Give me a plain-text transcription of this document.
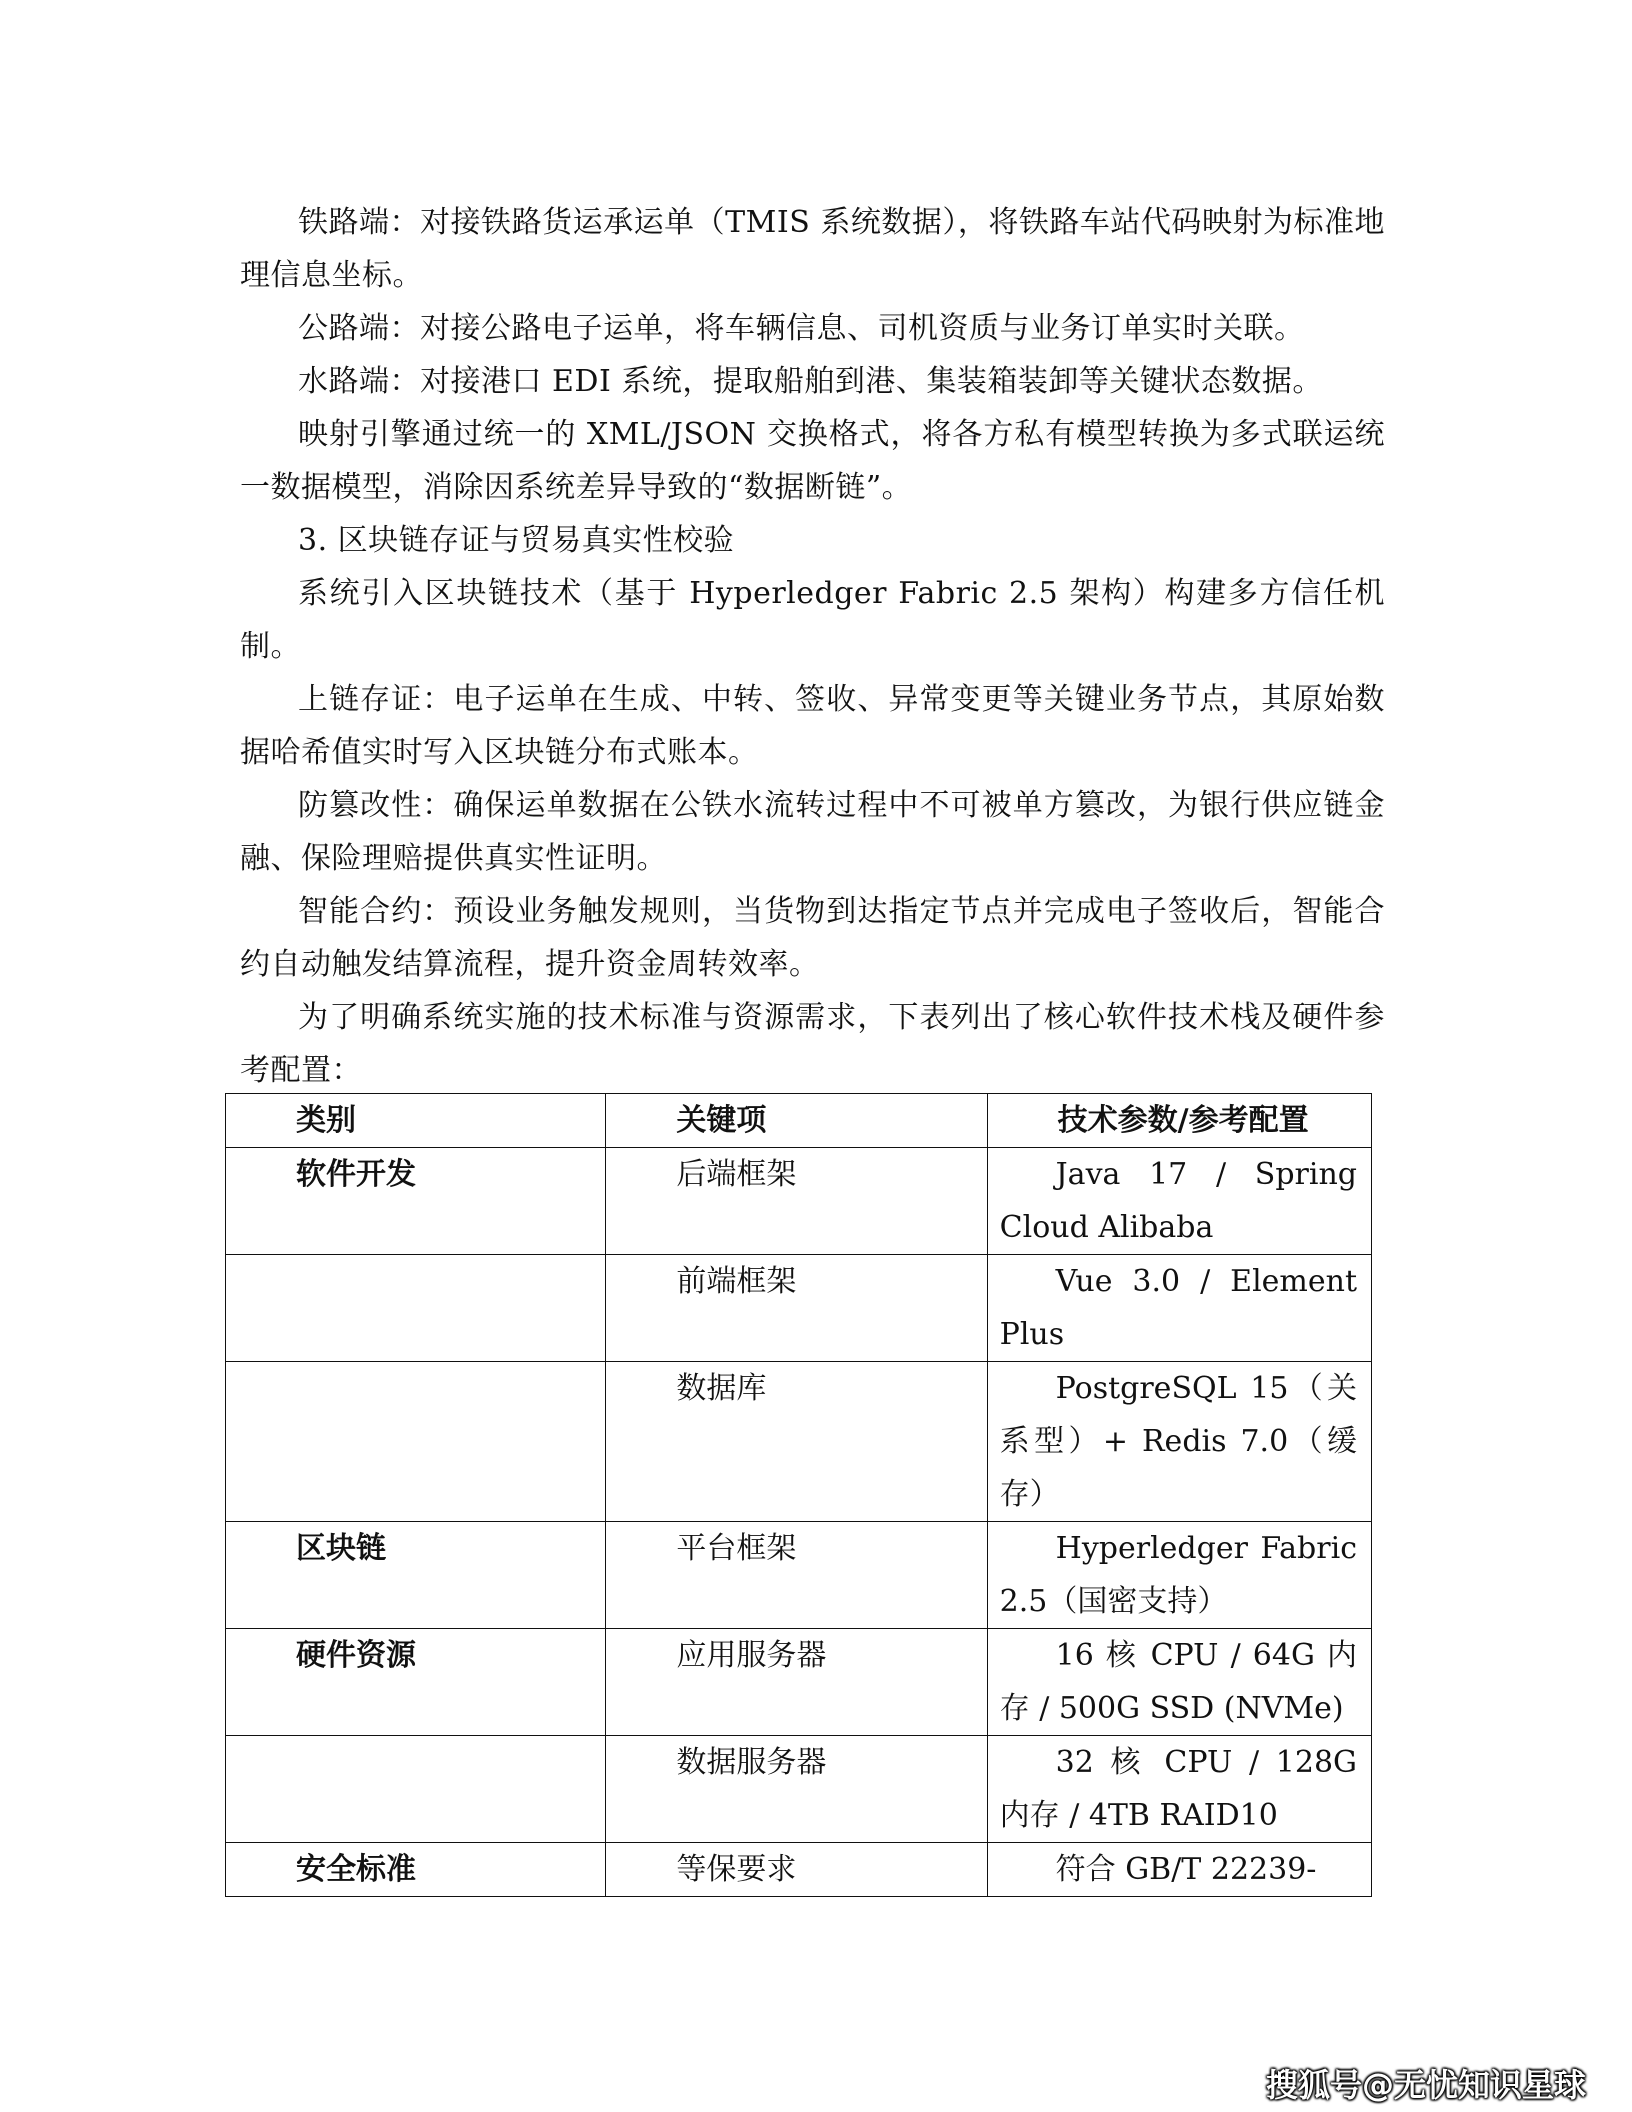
铁路端：对接铁路货运承运单（TMIS 系统数据），将铁路车站代码映射为标准地理信息坐标。

公路端：对接公路电子运单，将车辆信息、司机资质与业务订单实时关联。

水路端：对接港口 EDI 系统，提取船舶到港、集装箱装卸等关键状态数据。

映射引擎通过统一的 XML/JSON 交换格式，将各方私有模型转换为多式联运统一数据模型，消除因系统差异导致的“数据断链”。

3. 区块链存证与贸易真实性校验

系统引入区块链技术（基于 Hyperledger Fabric 2.5 架构）构建多方信任机制。

上链存证：电子运单在生成、中转、签收、异常变更等关键业务节点，其原始数据哈希值实时写入区块链分布式账本。

防篡改性：确保运单数据在公铁水流转过程中不可被单方篡改，为银行供应链金融、保险理赔提供真实性证明。

智能合约：预设业务触发规则，当货物到达指定节点并完成电子签收后，智能合约自动触发结算流程，提升资金周转效率。

为了明确系统实施的技术标准与资源需求，下表列出了核心软件技术栈及硬件参考配置：

类别	关键项	技术参数/参考配置

软件开发	后端框架	Java 17 / Spring Cloud Alibaba

	前端框架	Vue 3.0 / Element Plus

	数据库	PostgreSQL 15（关系型）+ Redis 7.0（缓存）

区块链	平台框架	Hyperledger Fabric 2.5（国密支持）

硬件资源	应用服务器	16 核 CPU / 64G 内存 / 500G SSD (NVMe)

	数据服务器	32 核 CPU / 128G 内存 / 4TB RAID10

安全标准	等保要求	符合 GB/T 22239-
搜狐号@无忧知识星球
